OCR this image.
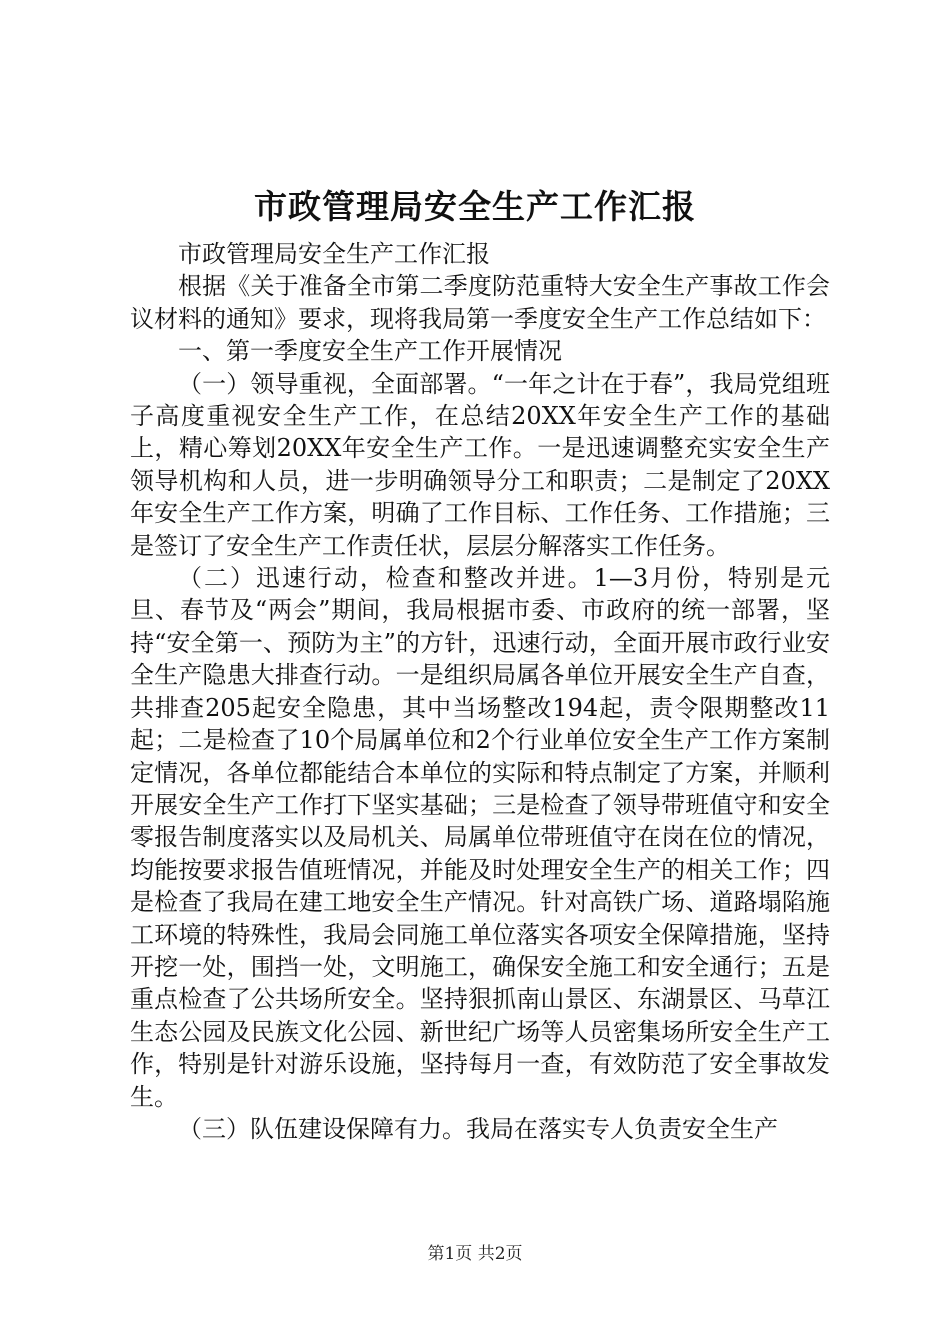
市政管理局安全生产工作汇报

市政管理局安全生产工作汇报

根据《关于准备全市第二季度防范重特大安全生产事故工作会议材料的通知》要求，现将我局第一季度安全生产工作总结如下：

一、第一季度安全生产工作开展情况

（一）领导重视，全面部署。“一年之计在于春”，我局党组班子高度重视安全生产工作，在总结20XX年安全生产工作的基础上，精心筹划20XX年安全生产工作。一是迅速调整充实安全生产领导机构和人员，进一步明确领导分工和职责；二是制定了20XX年安全生产工作方案，明确了工作目标、工作任务、工作措施；三是签订了安全生产工作责任状，层层分解落实工作任务。

（二）迅速行动，检查和整改并进。1—3月份，特别是元旦、春节及“两会”期间，我局根据市委、市政府的统一部署，坚持“安全第一、预防为主”的方针，迅速行动，全面开展市政行业安全生产隐患大排查行动。一是组织局属各单位开展安全生产自查，共排查205起安全隐患，其中当场整改194起，责令限期整改11起；二是检查了10个局属单位和2个行业单位安全生产工作方案制定情况，各单位都能结合本单位的实际和特点制定了方案，并顺利开展安全生产工作打下坚实基础；三是检查了领导带班值守和安全零报告制度落实以及局机关、局属单位带班值守在岗在位的情况，均能按要求报告值班情况，并能及时处理安全生产的相关工作；四是检查了我局在建工地安全生产情况。针对高铁广场、道路塌陷施工环境的特殊性，我局会同施工单位落实各项安全保障措施，坚持开挖一处，围挡一处，文明施工，确保安全施工和安全通行；五是重点检查了公共场所安全。坚持狠抓南山景区、东湖景区、马草江生态公园及民族文化公园、新世纪广场等人员密集场所安全生产工作，特别是针对游乐设施，坚持每月一查，有效防范了安全事故发生。

（三）队伍建设保障有力。我局在落实专人负责安全生产

第1页 共2页
